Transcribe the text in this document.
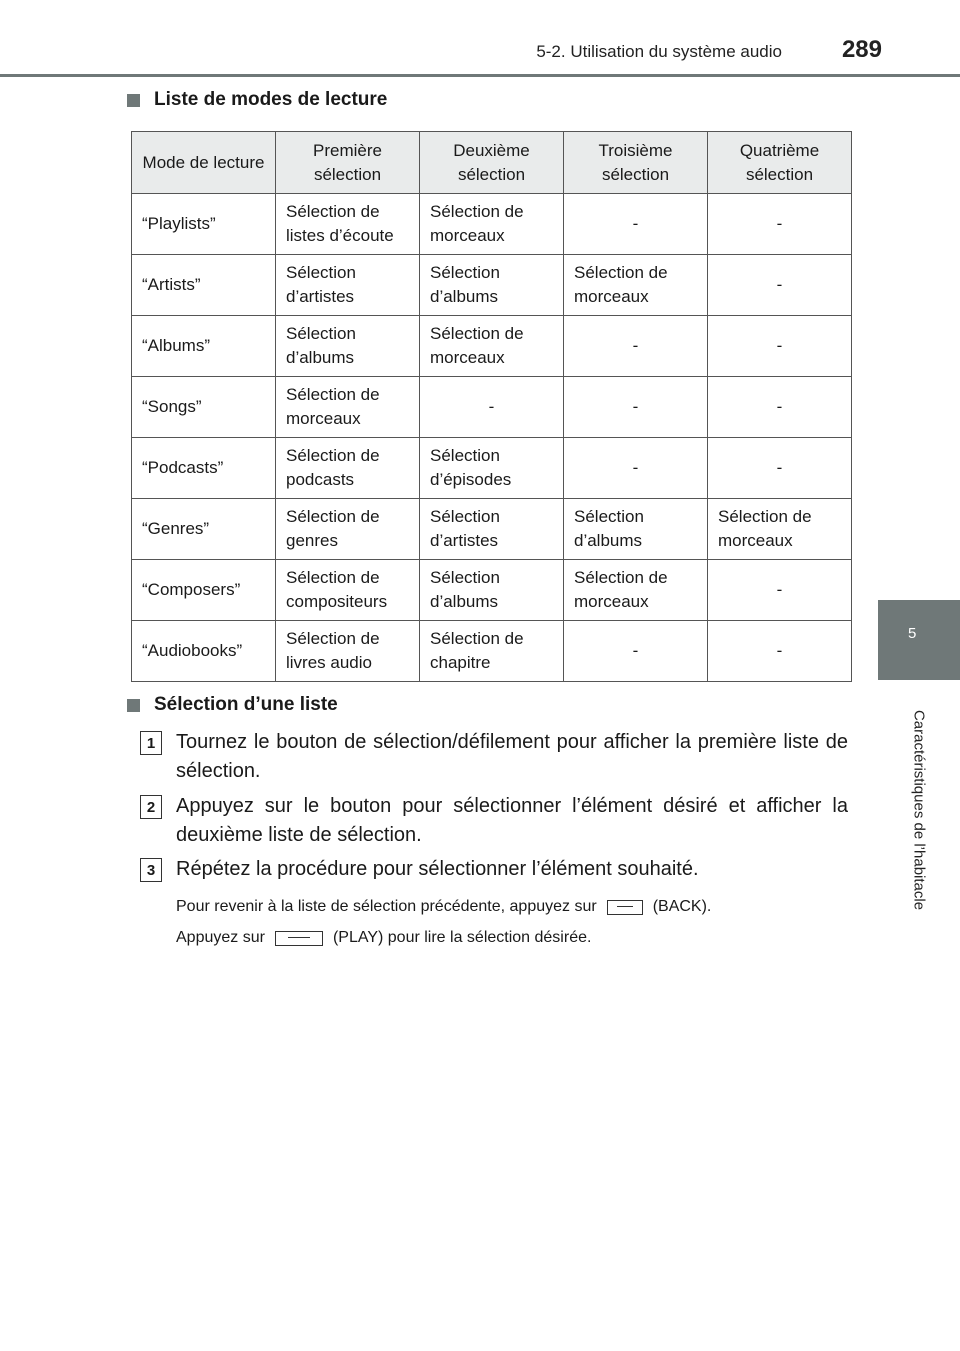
5-2. Utilisation du système audio 289
5
Caractéristiques de l’habitacle
Liste de modes de lecture
Mode de lecture	Première sélection	Deuxième sélection	Troisième sélection	Quatrième sélection
“Playlists”	Sélection de listes d’écoute	Sélection de morceaux	-	-
“Artists”	Sélection d’artistes	Sélection d’albums	Sélection de morceaux	-
“Albums”	Sélection d’albums	Sélection de morceaux	-	-
“Songs”	Sélection de morceaux	-	-	-
“Podcasts”	Sélection de podcasts	Sélection d’épisodes	-	-
“Genres”	Sélection de genres	Sélection d’artistes	Sélection d’albums	Sélection de morceaux
“Composers”	Sélection de compositeurs	Sélection d’albums	Sélection de morceaux	-
“Audiobooks”	Sélection de livres audio	Sélection de chapitre	-	-
Sélection d’une liste
1	Tournez le bouton de sélection/défilement pour afficher la première liste de sélection.
2	Appuyez sur le bouton pour sélectionner l’élément désiré et afficher la deuxième liste de sélection.
3	Répétez la procédure pour sélectionner l’élément souhaité.
Pour revenir à la liste de sélection précédente, appuyez sur	(BACK).
Appuyez sur	(PLAY) pour lire la sélection désirée.
